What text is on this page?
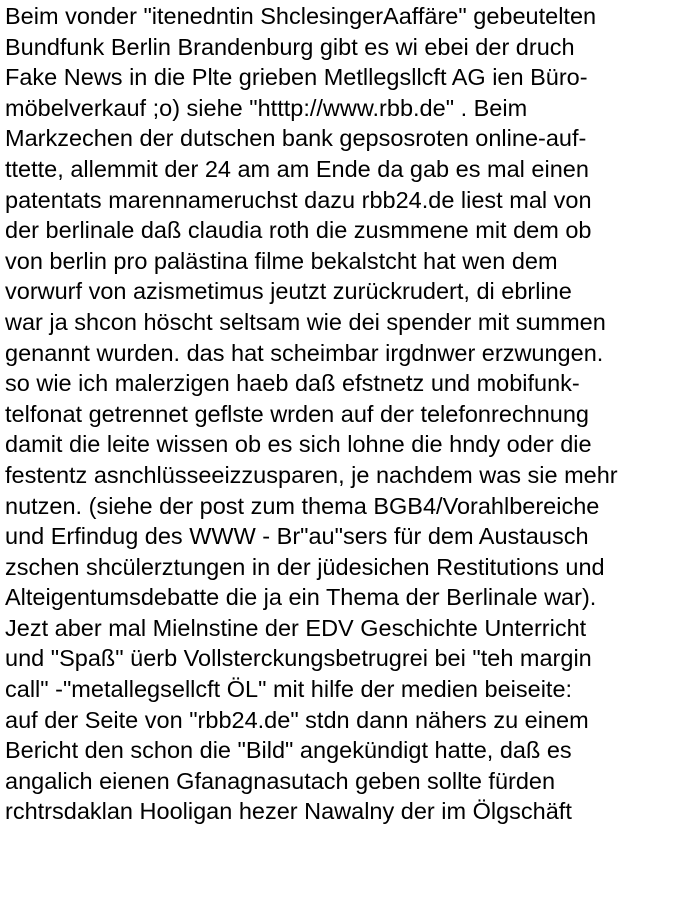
Beim vonder "itenedntin ShclesingerAaffäre" gebeutelten
Bundfunk Berlin Brandenburg gibt es wi ebei der druch
Fake News in die Plte grieben Metllegsllcft AG ien Büro-
möbelverkauf ;o) siehe "htttp://www.rbb.de" . Beim
Markzechen der dutschen bank gepsosroten online-auf-
ttette, allemmit der 24 am am Ende da gab es mal einen
patentats marennameruchst dazu rbb24.de liest mal von
der berlinale daß claudia roth die zusmmene mit dem ob
von berlin pro palästina filme bekalstcht hat wen dem
vorwurf von azismetimus jeutzt zurückrudert, di ebrline
war ja shcon höscht seltsam wie dei spender mit summen
genannt wurden. das hat scheimbar irgdnwer erzwungen.
so wie ich malerzigen haeb daß efstnetz und mobifunk-
telfonat getrennet geflste wrden auf der telefonrechnung
damit die leite wissen ob es sich lohne die hndy oder die
festentz asnchlüsseeizzusparen, je nachdem was sie mehr
nutzen. (siehe der post zum thema BGB4/Vorahlbereiche
und Erfindug des WWW - Br"au"sers für dem Austausch
zschen shcülerztungen in der jüdesichen Restitutions und
Alteigentumsdebatte die ja ein Thema der Berlinale war).
Jezt aber mal Mielnstine der EDV Geschichte Unterricht
und "Spaß" üerb Vollsterckungsbetrugrei bei "teh margin
call" -"metallegsellcft ÖL" mit hilfe der medien beiseite:
auf der Seite von "rbb24.de" stdn dann nähers zu einem
Bericht den schon die "Bild" angekündigt hatte, daß es
angalich eienen Gfanagnasutach geben sollte fürden
rchtrsdaklan Hooligan hezer Nawalny der im Ölgschäft
